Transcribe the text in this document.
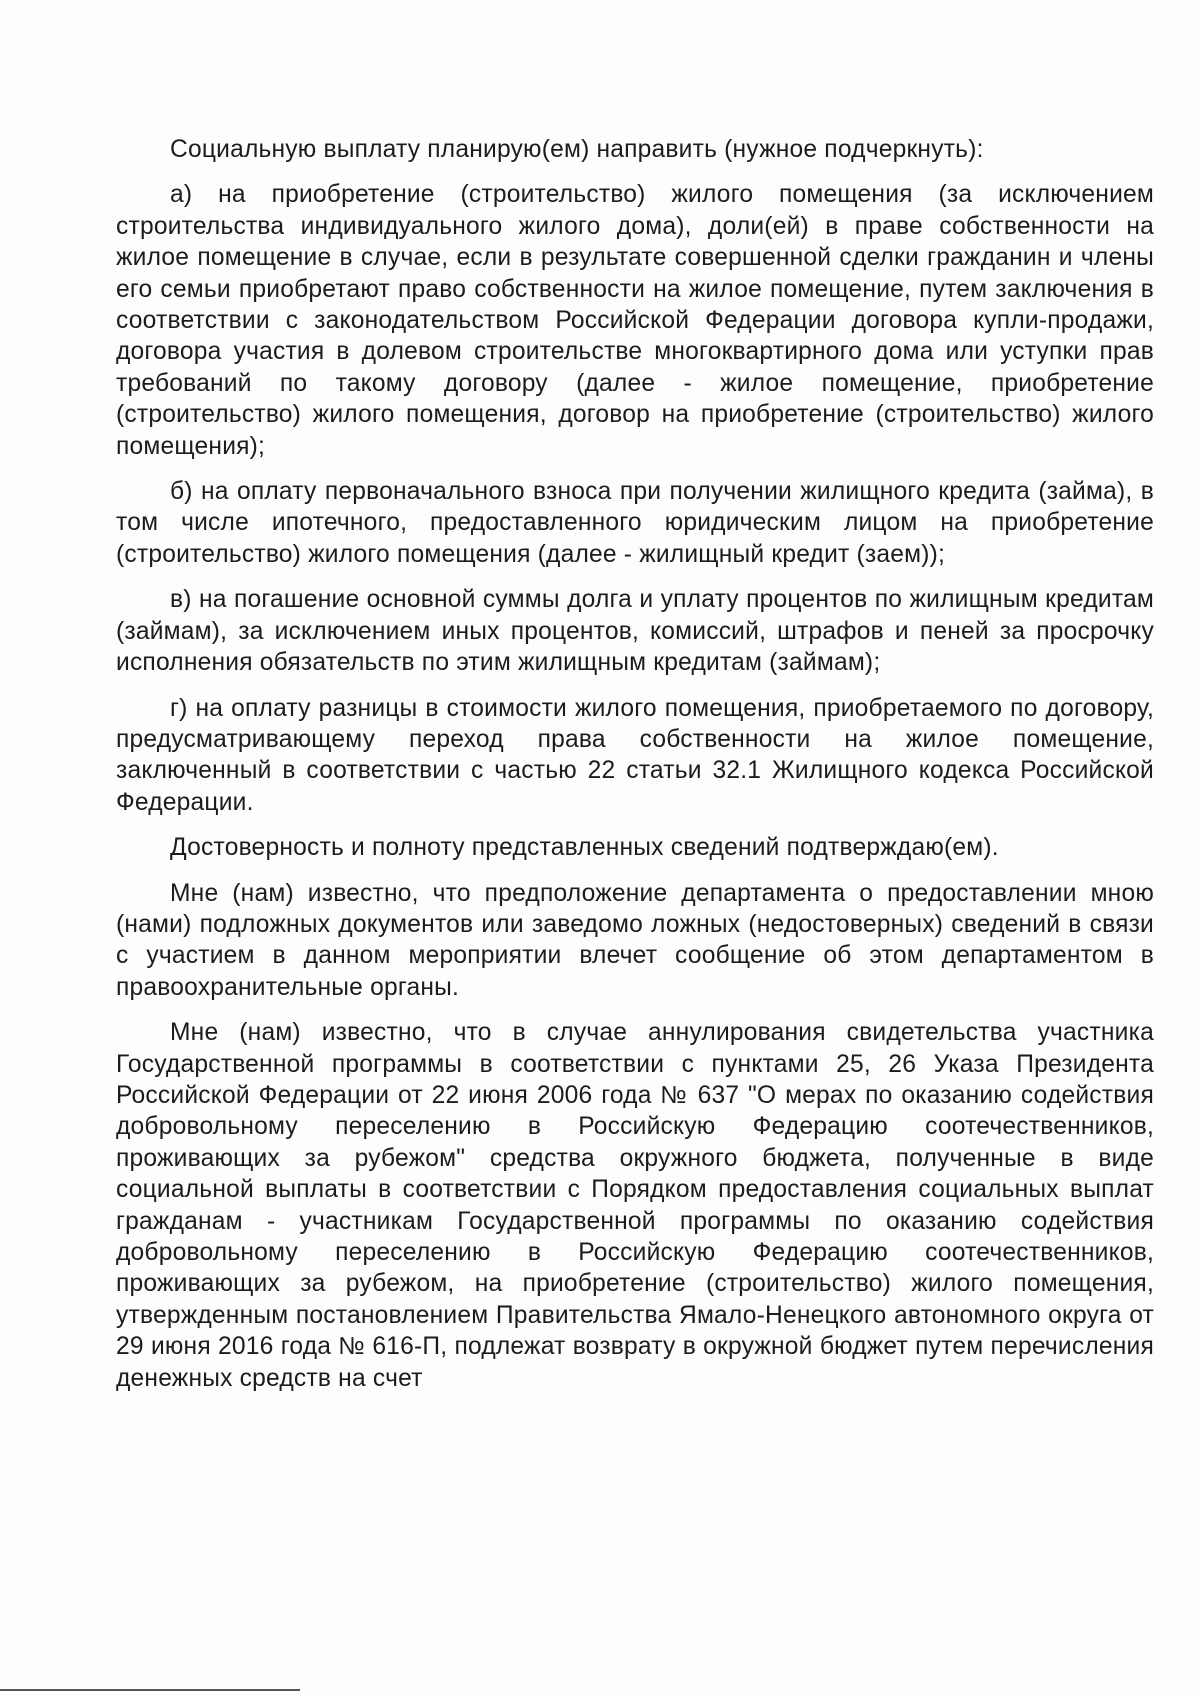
Социальную выплату планирую(ем) направить (нужное подчеркнуть):

а) на приобретение (строительство) жилого помещения (за исключением строительства индивидуального жилого дома), доли(ей) в праве собственности на жилое помещение в случае, если в результате совершенной сделки гражданин и члены его семьи приобретают право собственности на жилое помещение, путем заключения в соответствии с законодательством Российской Федерации договора купли-продажи, договора участия в долевом строительстве многоквартирного дома или уступки прав требований по такому договору (далее - жилое помещение, приобретение (строительство) жилого помещения, договор на приобретение (строительство) жилого помещения);

б) на оплату первоначального взноса при получении жилищного кредита (займа), в том числе ипотечного, предоставленного юридическим лицом на приобретение (строительство) жилого помещения (далее - жилищный кредит (заем));

в) на погашение основной суммы долга и уплату процентов по жилищным кредитам (займам), за исключением иных процентов, комиссий, штрафов и пеней за просрочку исполнения обязательств по этим жилищным кредитам (займам);

г) на оплату разницы в стоимости жилого помещения, приобретаемого по договору, предусматривающему переход права собственности на жилое помещение, заключенный в соответствии с частью 22 статьи 32.1 Жилищного кодекса Российской Федерации.

Достоверность и полноту представленных сведений подтверждаю(ем).

Мне (нам) известно, что предположение департамента о предоставлении мною (нами) подложных документов или заведомо ложных (недостоверных) сведений в связи с участием в данном мероприятии влечет сообщение об этом департаментом в правоохранительные органы.

Мне (нам) известно, что в случае аннулирования свидетельства участника Государственной программы в соответствии с пунктами 25, 26 Указа Президента Российской Федерации от 22 июня 2006 года № 637 "О мерах по оказанию содействия добровольному переселению в Российскую Федерацию соотечественников, проживающих за рубежом" средства окружного бюджета, полученные в виде социальной выплаты в соответствии с Порядком предоставления социальных выплат гражданам - участникам Государственной программы по оказанию содействия добровольному переселению в Российскую Федерацию соотечественников, проживающих за рубежом, на приобретение (строительство) жилого помещения, утвержденным постановлением Правительства Ямало-Ненецкого автономного округа от 29 июня 2016 года № 616-П, подлежат возврату в окружной бюджет путем перечисления денежных средств на счет
